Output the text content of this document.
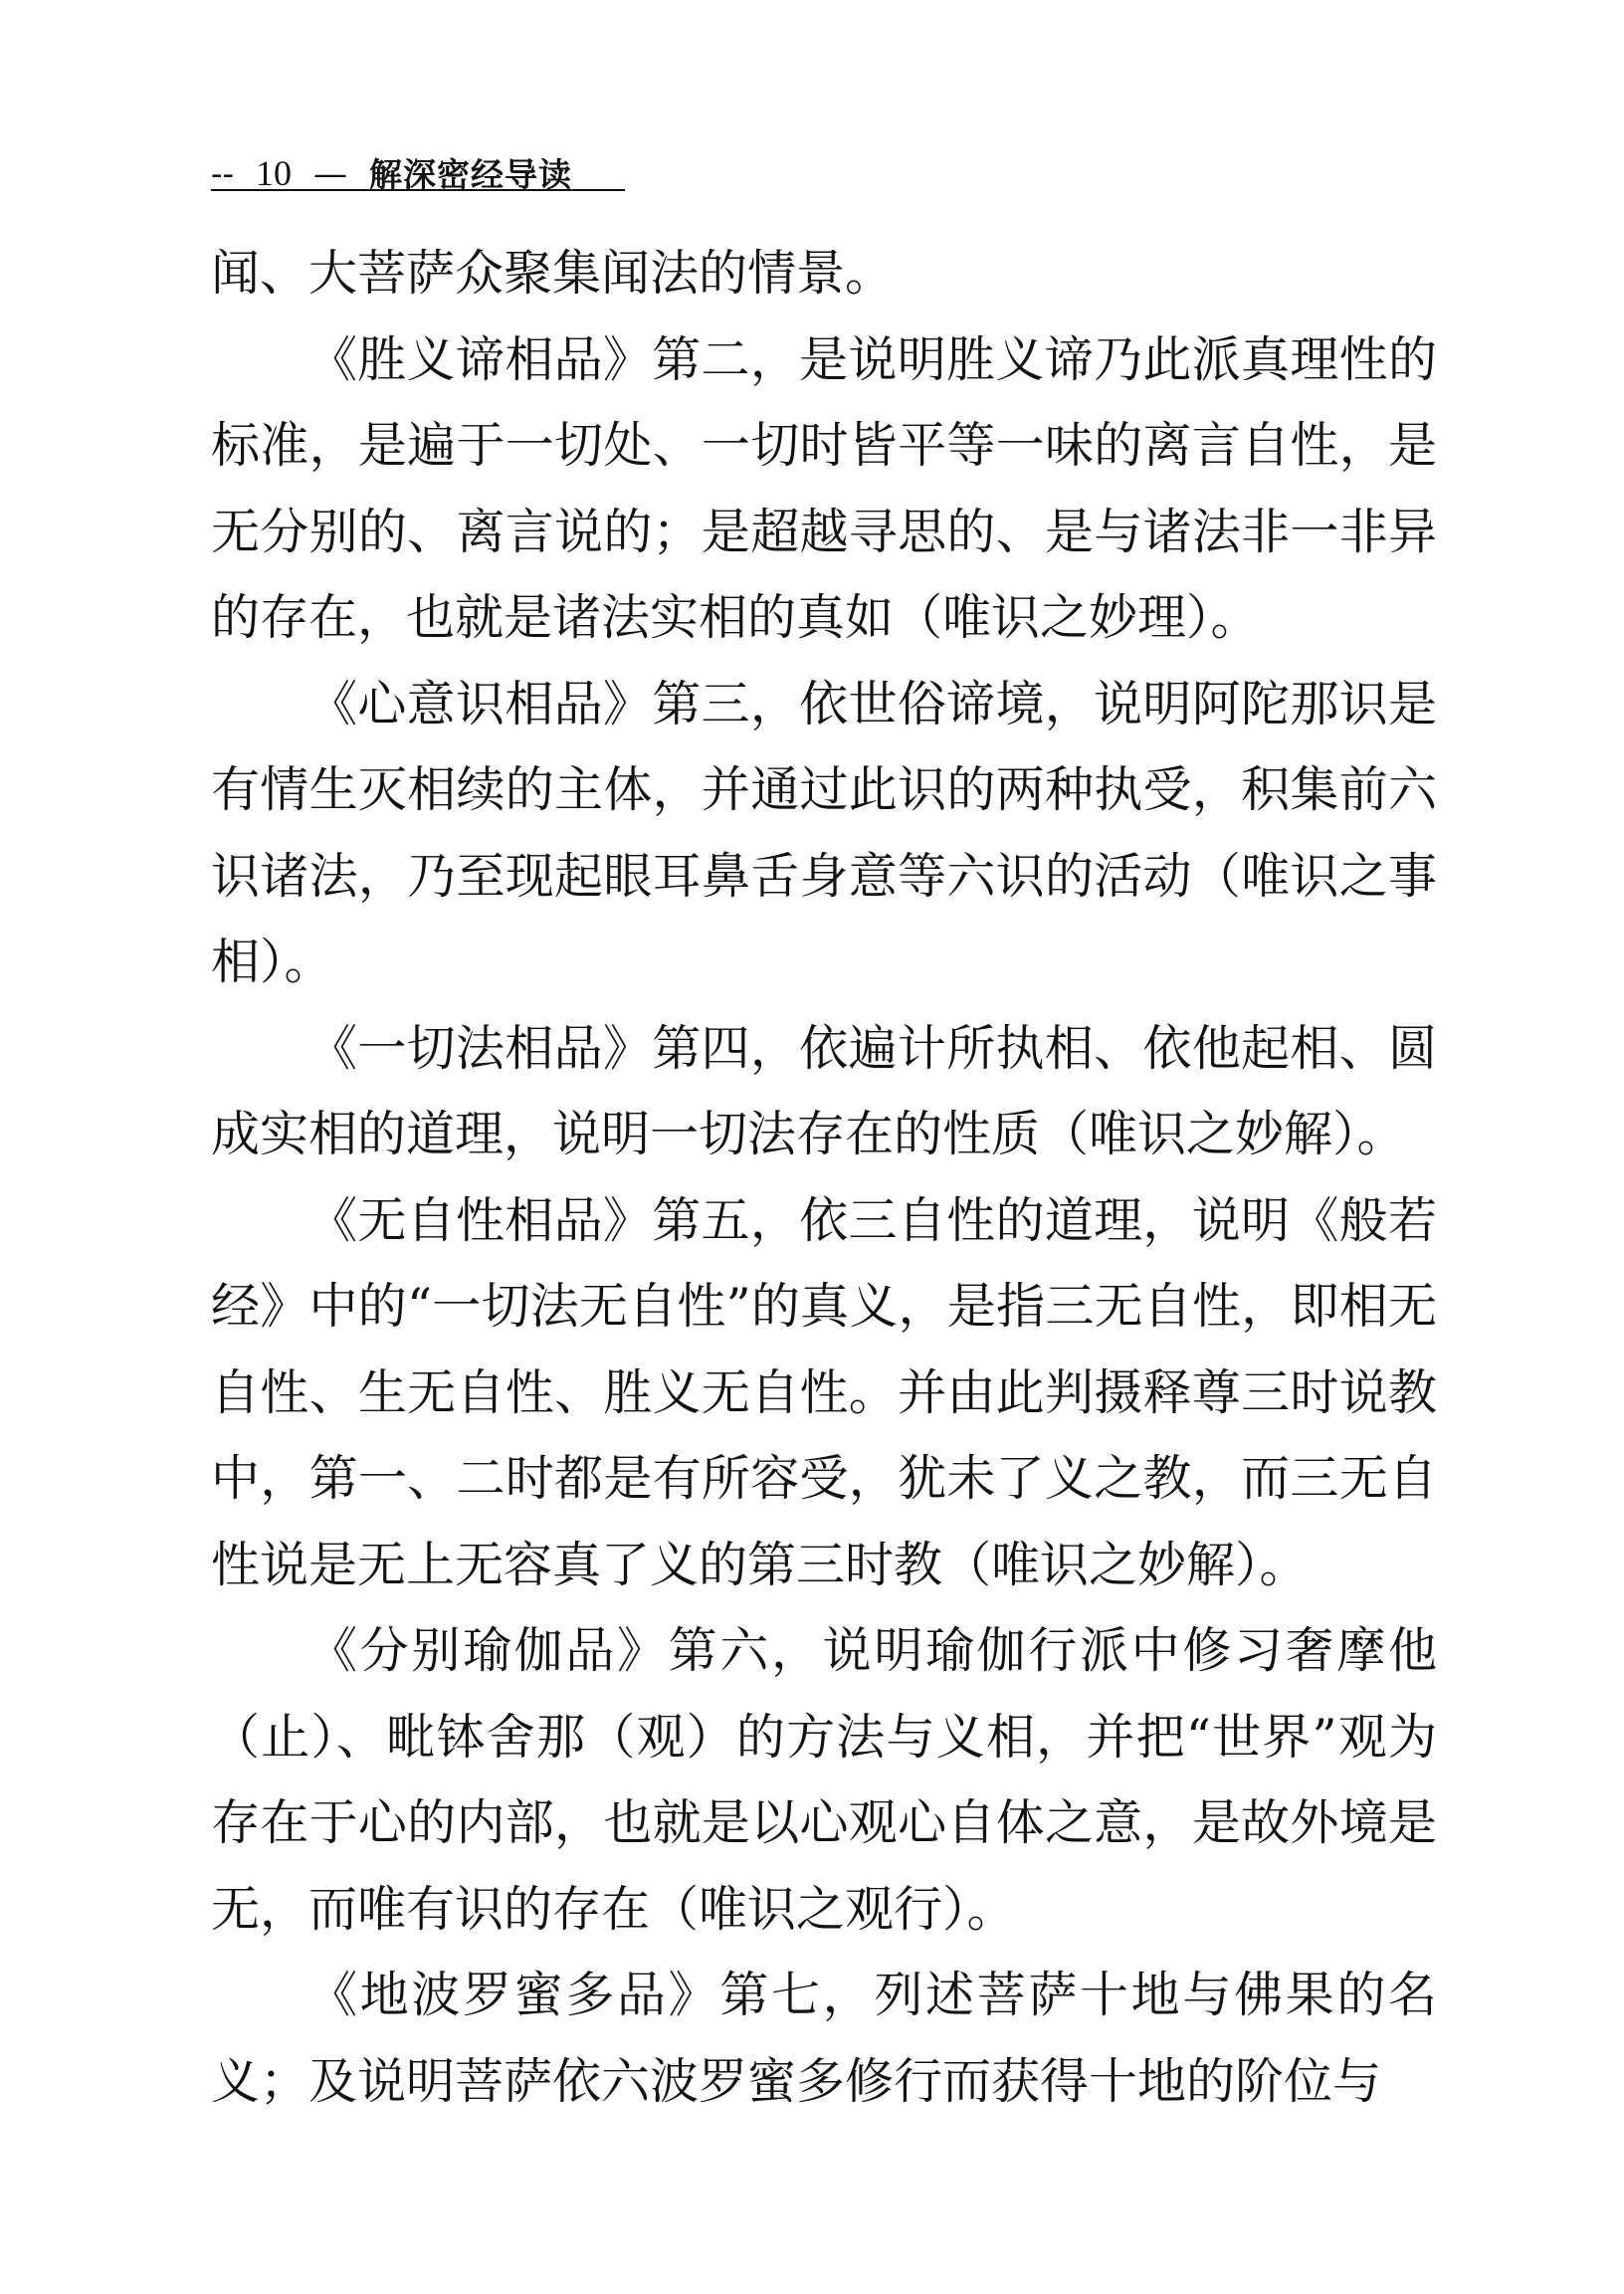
-- 10 — 解深密经导读

闻、大菩萨众聚集闻法的情景。

《胜义谛相品》第二，是说明胜义谛乃此派真理性的标准，是遍于一切处、一切时皆平等一味的离言自性，是无分别的、离言说的；是超越寻思的、是与诸法非一非异的存在，也就是诸法实相的真如（唯识之妙理）。

《心意识相品》第三，依世俗谛境，说明阿陀那识是有情生灭相续的主体，并通过此识的两种执受，积集前六识诸法，乃至现起眼耳鼻舌身意等六识的活动（唯识之事相）。

《一切法相品》第四，依遍计所执相、依他起相、圆成实相的道理，说明一切法存在的性质（唯识之妙解）。

《无自性相品》第五，依三自性的道理，说明《般若经》中的“一切法无自性”的真义，是指三无自性，即相无自性、生无自性、胜义无自性。并由此判摄释尊三时说教中，第一、二时都是有所容受，犹未了义之教，而三无自性说是无上无容真了义的第三时教（唯识之妙解）。

《分别瑜伽品》第六，说明瑜伽行派中修习奢摩他（止）、毗钵舍那（观）的方法与义相，并把“世界”观为存在于心的内部，也就是以心观心自体之意，是故外境是无，而唯有识的存在（唯识之观行）。

《地波罗蜜多品》第七，列述菩萨十地与佛果的名义；及说明菩萨依六波罗蜜多修行而获得十地的阶位与
